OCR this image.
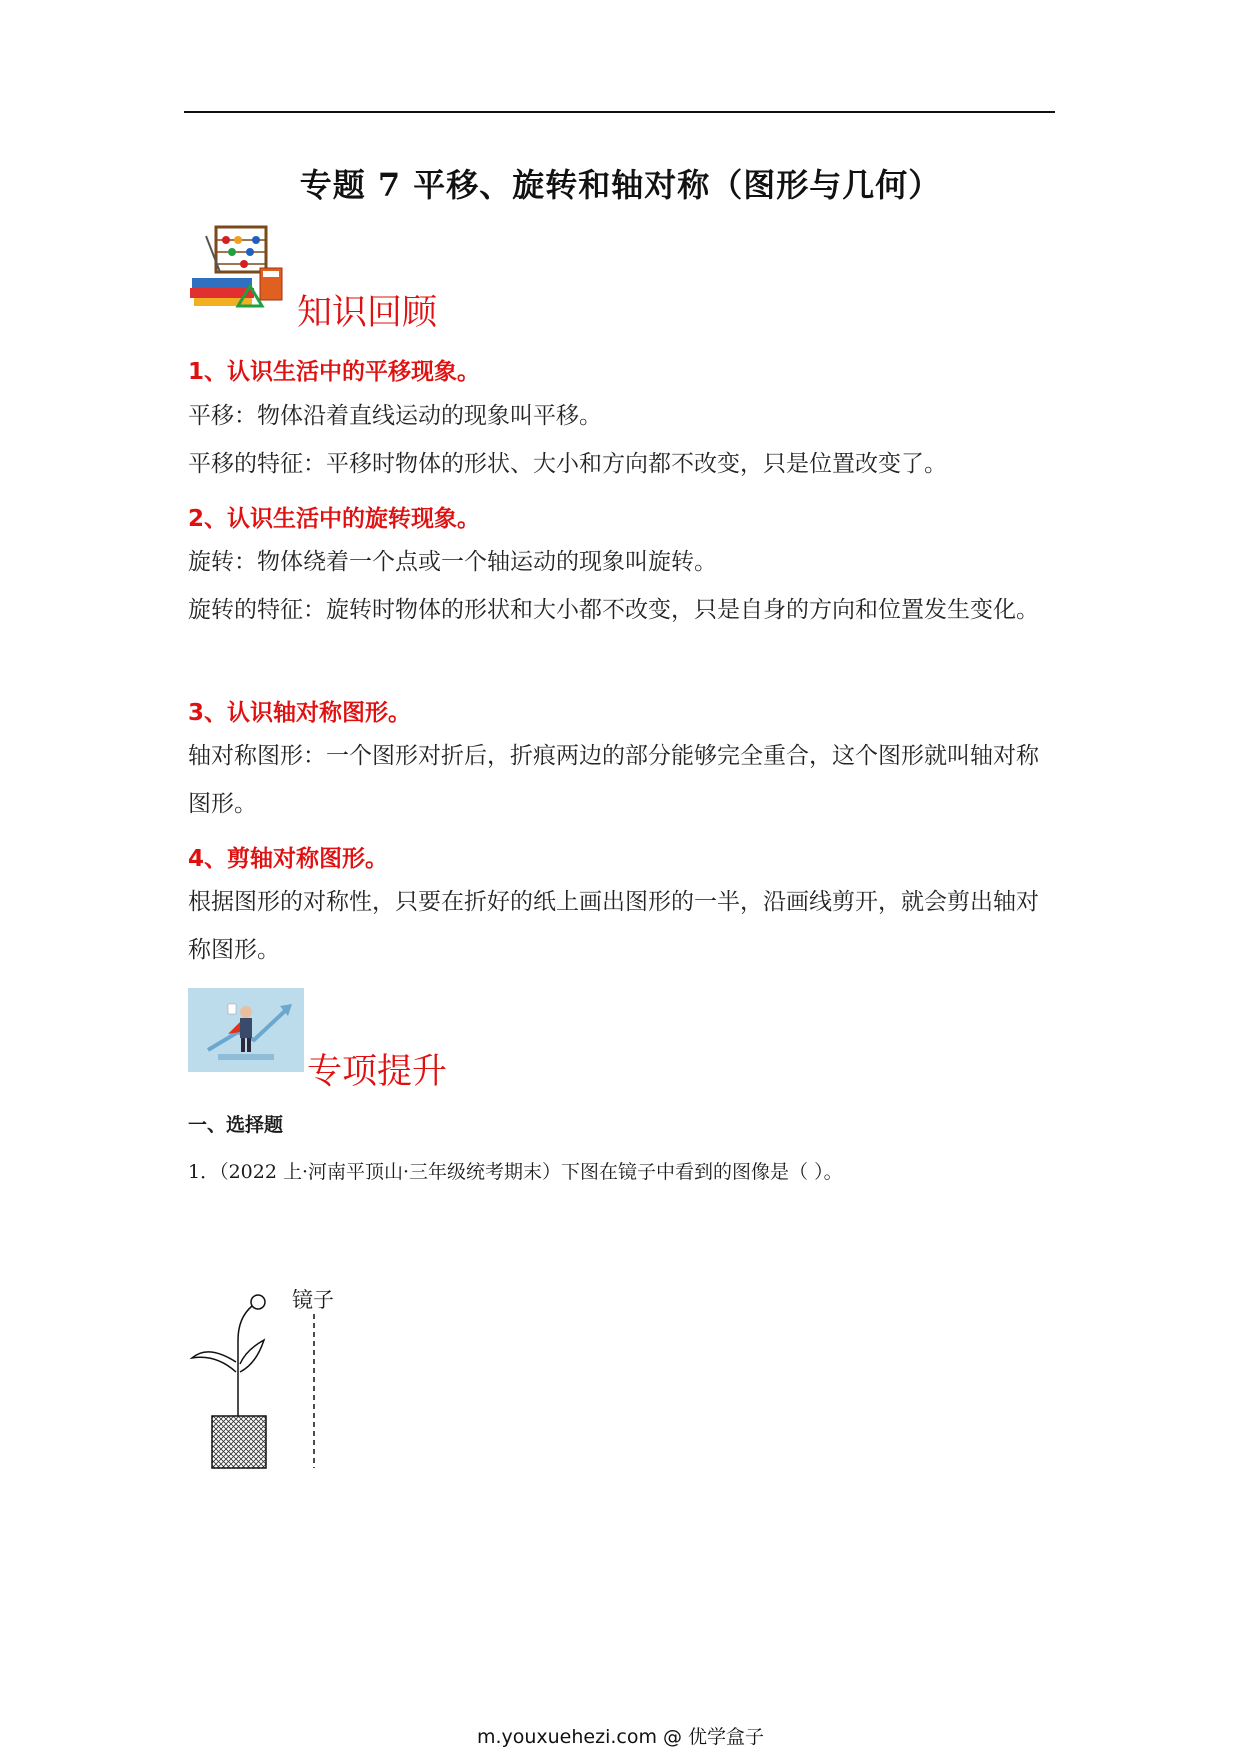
专题 7 平移、旋转和轴对称（图形与几何）
知识回顾
1、认识生活中的平移现象。
平移：物体沿着直线运动的现象叫平移。
平移的特征：平移时物体的形状、大小和方向都不改变，只是位置改变了。
2、认识生活中的旋转现象。
旋转：物体绕着一个点或一个轴运动的现象叫旋转。
旋转的特征：旋转时物体的形状和大小都不改变，只是自身的方向和位置发生变化。
3、认识轴对称图形。
轴对称图形：一个图形对折后，折痕两边的部分能够完全重合，这个图形就叫轴对称图形。
4、剪轴对称图形。
根据图形的对称性，只要在折好的纸上画出图形的一半，沿画线剪开，就会剪出轴对称图形。
专项提升
一、选择题
1．（2022 上·河南平顶山·三年级统考期末）下图在镜子中看到的图像是（ ）。
镜子
m.youxuehezi.com @ 优学盒子
